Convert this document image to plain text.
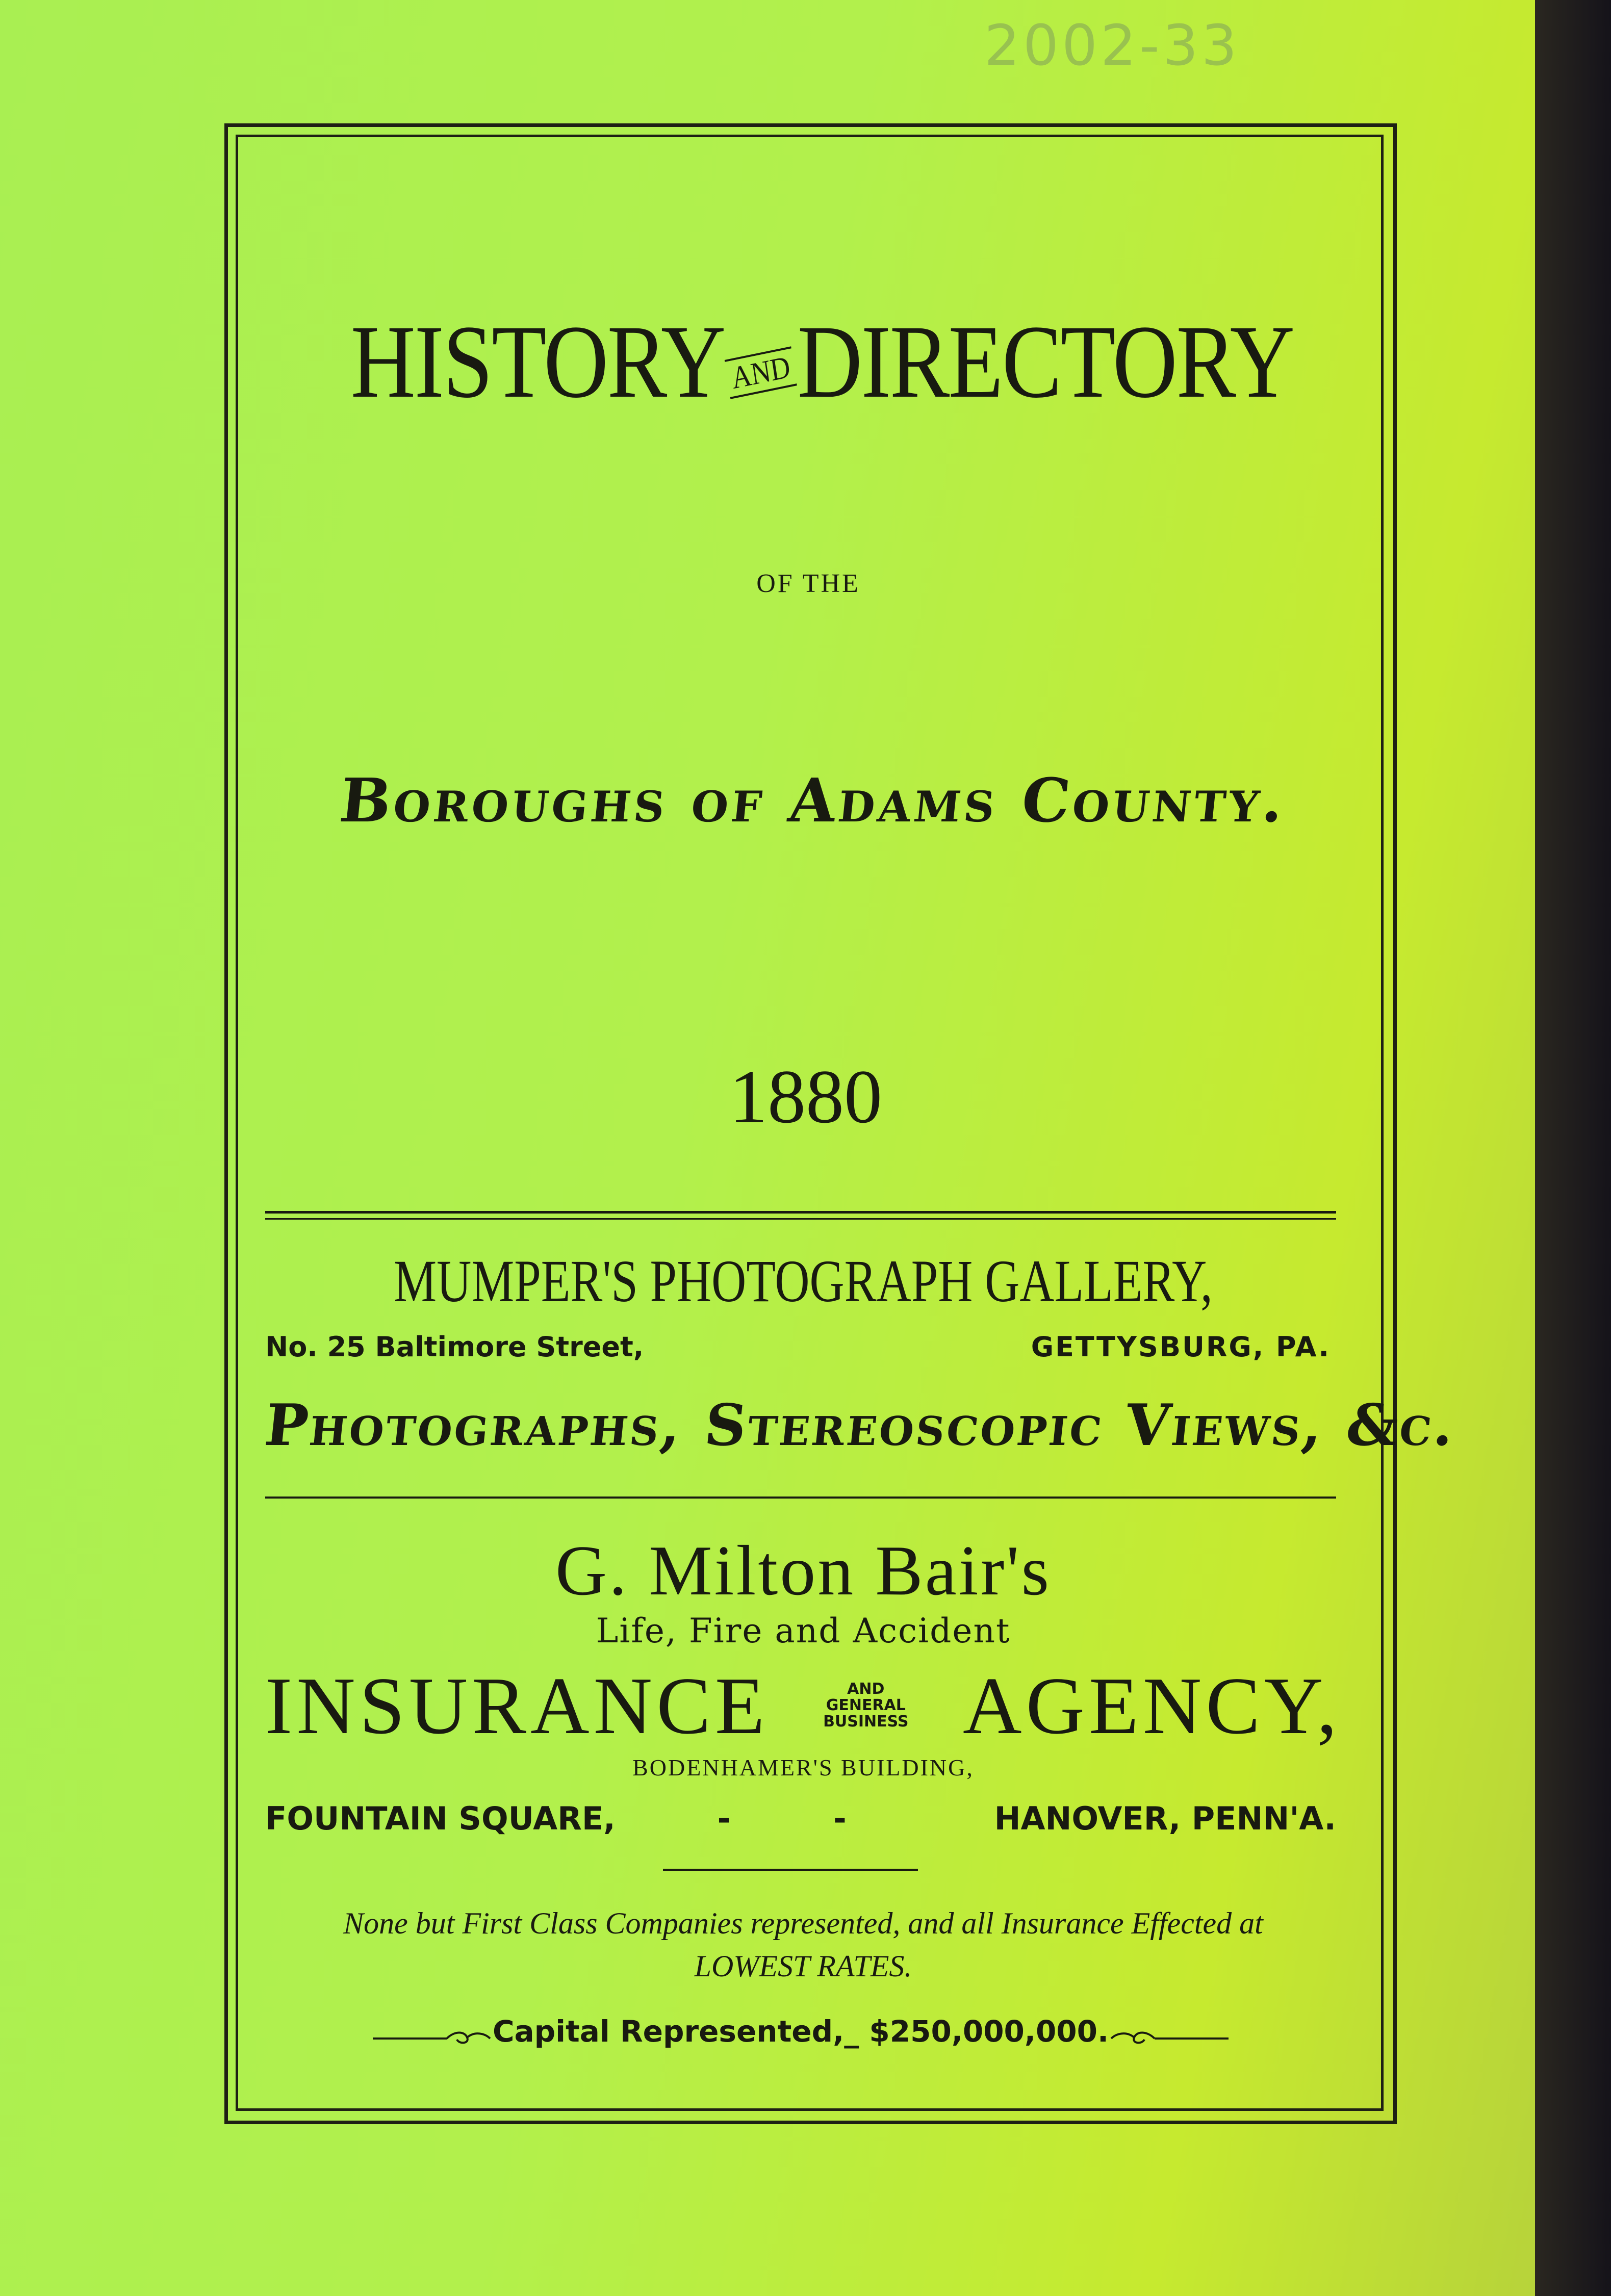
2002-33
HISTORY ANDDIRECTORY
OF THE
Boroughs of Adams County.
1880
MUMPER'S PHOTOGRAPH GALLERY,
No. 25 Baltimore Street,	GETTYSBURG, PA.
Photographs, Stereoscopic Views, &c.
G. Milton Bair's
Life, Fire and Accident
INSURANCE	AND
GENERAL
BUSINESS AGENCY,
BODENHAMER'S BUILDING,
FOUNTAIN SQUARE,	- -	HANOVER, PENN'A.
None but First Class Companies represented, and all Insurance Effected at
LOWEST RATES.
Capital Represented,_ $250,000,000.
